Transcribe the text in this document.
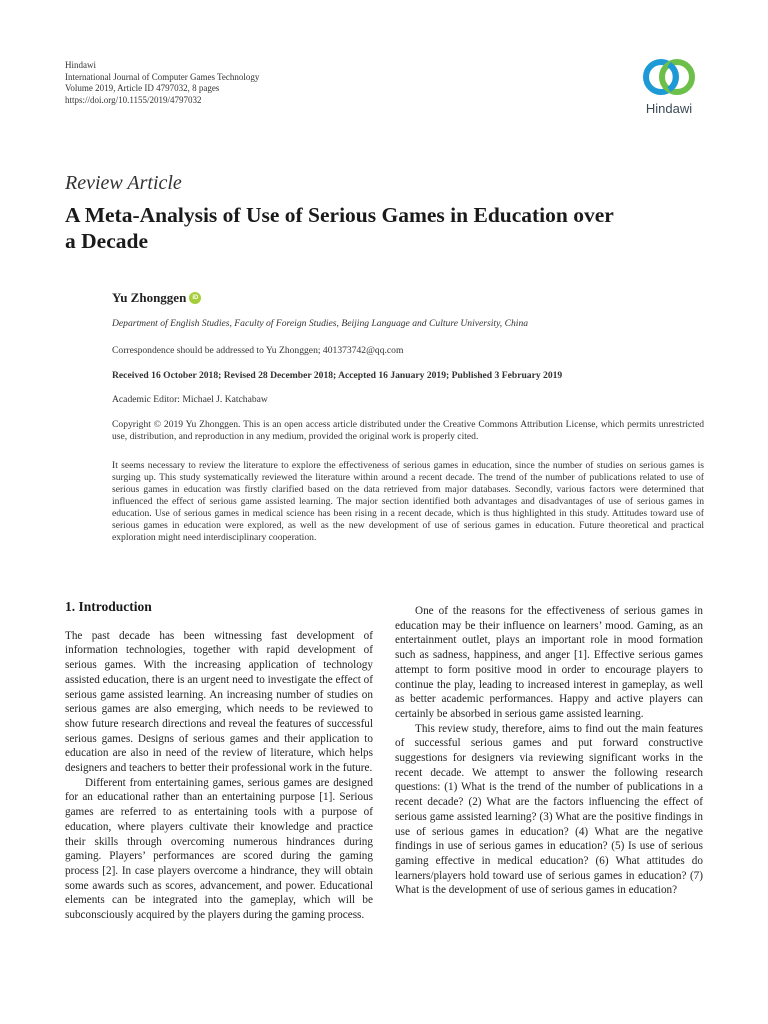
Hindawi
International Journal of Computer Games Technology
Volume 2019, Article ID 4797032, 8 pages
https://doi.org/10.1155/2019/4797032
Hindawi
Review Article
A Meta-Analysis of Use of Serious Games in Education over a Decade
Yu Zhonggen	iD
Department of English Studies, Faculty of Foreign Studies, Beijing Language and Culture University, China
Correspondence should be addressed to Yu Zhonggen; 401373742@qq.com
Received 16 October 2018; Revised 28 December 2018; Accepted 16 January 2019; Published 3 February 2019
Academic Editor: Michael J. Katchabaw
Copyright © 2019 Yu Zhonggen. This is an open access article distributed under the Creative Commons Attribution License, which permits unrestricted use, distribution, and reproduction in any medium, provided the original work is properly cited.
It seems necessary to review the literature to explore the effectiveness of serious games in education, since the number of studies on serious games is surging up. This study systematically reviewed the literature within around a recent decade. The trend of the number of publications related to use of serious games in education was firstly clarified based on the data retrieved from major databases. Secondly, various factors were determined that influenced the effect of serious game assisted learning. The major section identified both advantages and disadvantages of use of serious games in education. Use of serious games in medical science has been rising in a recent decade, which is thus highlighted in this study. Attitudes toward use of serious games in education were explored, as well as the new development of use of serious games in education. Future theoretical and practical exploration might need interdisciplinary cooperation.
1. Introduction

The past decade has been witnessing fast development of information technologies, together with rapid development of serious games. With the increasing application of technology assisted education, there is an urgent need to investigate the effect of serious game assisted learning. An increasing number of studies on serious games are also emerging, which needs to be reviewed to show future research directions and reveal the features of successful serious games. Designs of serious games and their application to education are also in need of the review of literature, which helps designers and teachers to better their professional work in the future.

Different from entertaining games, serious games are designed for an educational rather than an entertaining purpose [1]. Serious games are referred to as entertaining tools with a purpose of education, where players cultivate their knowledge and practice their skills through overcoming numerous hindrances during gaming. Players’ performances are scored during the gaming process [2]. In case players overcome a hindrance, they will obtain some awards such as scores, advancement, and power. Educational elements can be integrated into the gameplay, which will be subconsciously acquired by the players during the gaming process.

One of the reasons for the effectiveness of serious games in education may be their influence on learners’ mood. Gaming, as an entertainment outlet, plays an important role in mood formation such as sadness, happiness, and anger [1]. Effective serious games attempt to form positive mood in order to encourage players to continue the play, leading to increased interest in gameplay, as well as better academic performances. Happy and active players can certainly be absorbed in serious game assisted learning.

This review study, therefore, aims to find out the main features of successful serious games and put forward constructive suggestions for designers via reviewing significant works in the recent decade. We attempt to answer the following research questions: (1) What is the trend of the number of publications in a recent decade? (2) What are the factors influencing the effect of serious game assisted learning? (3) What are the positive findings in use of serious games in education? (4) What are the negative findings in use of serious games in education? (5) Is use of serious gaming effective in medical education? (6) What attitudes do learners/players hold toward use of serious games in education? (7) What is the development of use of serious games in education?
